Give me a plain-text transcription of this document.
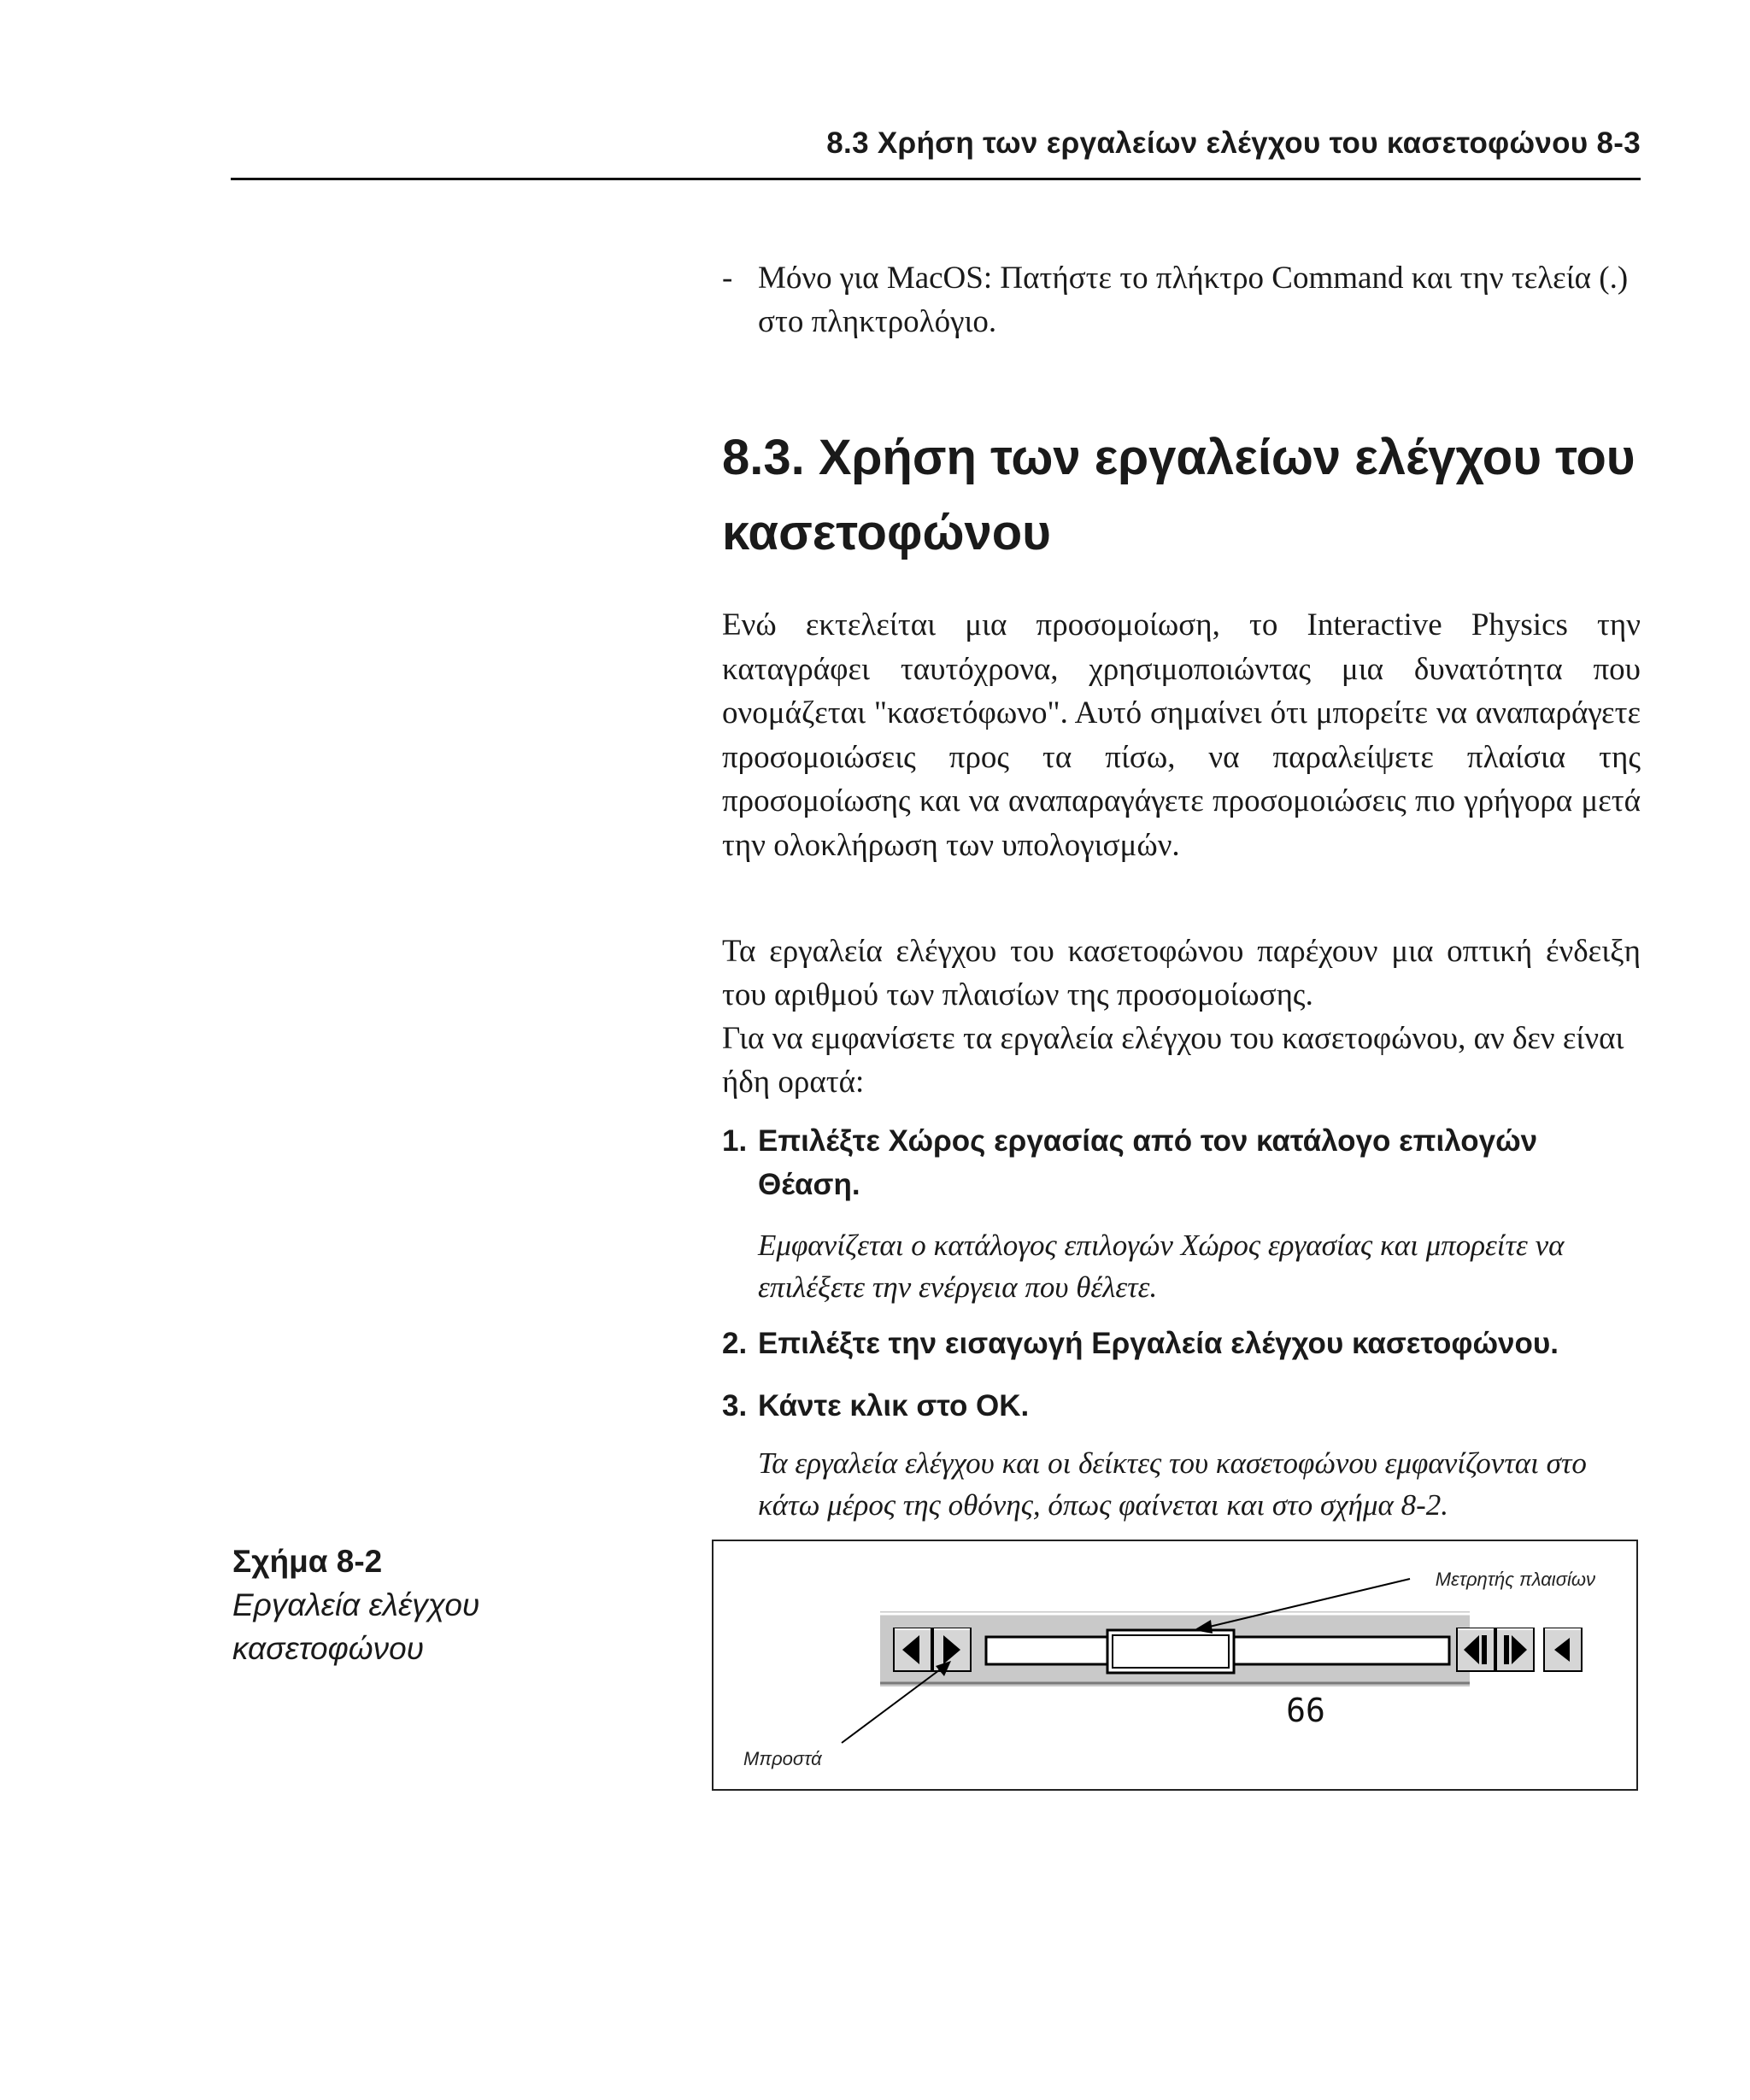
8.3 Χρήση των εργαλείων ελέγχου του κασετοφώνου 8-3
- Μόνο για MacOS: Πατήστε το πλήκτρο Command και την τελεία (.) στο πληκτρολόγιο.
8.3. Χρήση των εργαλείων ελέγχου του κασετοφώνου
Ενώ εκτελείται μια προσομοίωση, το Interactive Physics την καταγράφει ταυτόχρονα, χρησιμοποιώντας μια δυνατότητα που ονομάζεται "κασετόφωνο". Αυτό σημαίνει ότι μπορείτε να αναπαράγετε προσομοιώσεις προς τα πίσω, να παραλείψετε πλαίσια της προσομοίωσης και να αναπαραγάγετε προσομοιώσεις πιο γρήγορα μετά την ολοκλήρωση των υπολογισμών.
Τα εργαλεία ελέγχου του κασετοφώνου παρέχουν μια οπτική ένδειξη του αριθμού των πλαισίων της προσομοίωσης.
Για να εμφανίσετε τα εργαλεία ελέγχου του κασετοφώνου, αν δεν είναι ήδη ορατά:
1. Επιλέξτε Χώρος εργασίας από τον κατάλογο επιλογών Θέαση.
Εμφανίζεται ο κατάλογος επιλογών Χώρος εργασίας και μπορείτε να επιλέξετε την ενέργεια που θέλετε.
2. Επιλέξτε την εισαγωγή Εργαλεία ελέγχου κασετοφώνου.
3. Κάντε κλικ στο OK.
Τα εργαλεία ελέγχου και οι δείκτες του κασετοφώνου εμφανίζονται στο κάτω μέρος της οθόνης, όπως φαίνεται και στο σχήμα 8-2.
Σχήμα 8-2
Εργαλεία ελέγχου κασετοφώνου
Μετρητής πλαισίων
Μπροστά
66
